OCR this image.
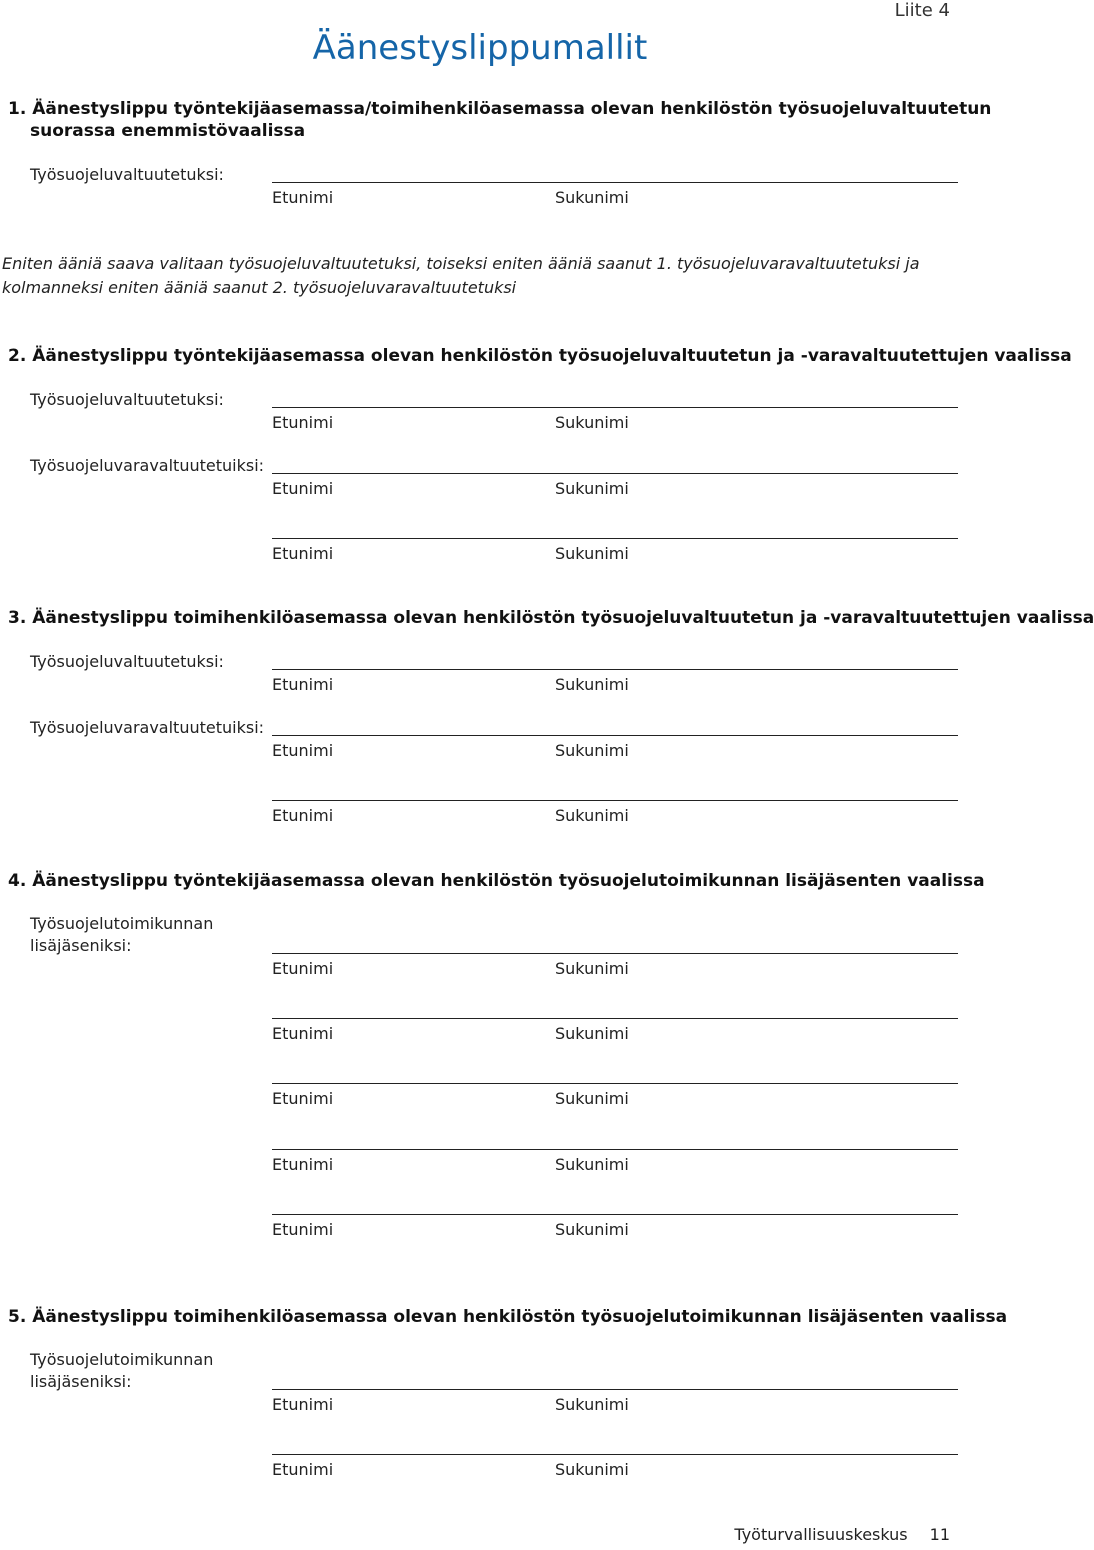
Liite 4
Äänestyslippumallit
1. Äänestyslippu työntekijäasemassa/toimihenkilöasemassa olevan henkilöstön työsuojeluvaltuutetun
suorassa enemmistövaalissa
Työsuojeluvaltuutetuksi:
Etunimi	Sukunimi
Eniten ääniä saava valitaan työsuojeluvaltuutetuksi, toiseksi eniten ääniä saanut 1. työsuojeluvaravaltuutetuksi ja kolmanneksi eniten ääniä saanut 2. työsuojeluvaravaltuutetuksi
2. Äänestyslippu työntekijäasemassa olevan henkilöstön työsuojeluvaltuutetun ja -varavaltuutettujen vaalissa
Työsuojeluvaltuutetuksi:
Etunimi	Sukunimi
Työsuojeluvaravaltuutetuiksi:
Etunimi	Sukunimi
Etunimi	Sukunimi
3. Äänestyslippu toimihenkilöasemassa olevan henkilöstön työsuojeluvaltuutetun ja -varavaltuutettujen vaalissa
Työsuojeluvaltuutetuksi:
Etunimi	Sukunimi
Työsuojeluvaravaltuutetuiksi:
Etunimi	Sukunimi
Etunimi	Sukunimi
4. Äänestyslippu työntekijäasemassa olevan henkilöstön työsuojelutoimikunnan lisäjäsenten vaalissa
Työsuojelutoimikunnan
lisäjäseniksi:
Etunimi	Sukunimi
Etunimi	Sukunimi
Etunimi	Sukunimi
Etunimi	Sukunimi
Etunimi	Sukunimi
5. Äänestyslippu toimihenkilöasemassa olevan henkilöstön työsuojelutoimikunnan lisäjäsenten vaalissa
Työsuojelutoimikunnan
lisäjäseniksi:
Etunimi	Sukunimi
Etunimi	Sukunimi
Työturvallisuuskeskus 11
